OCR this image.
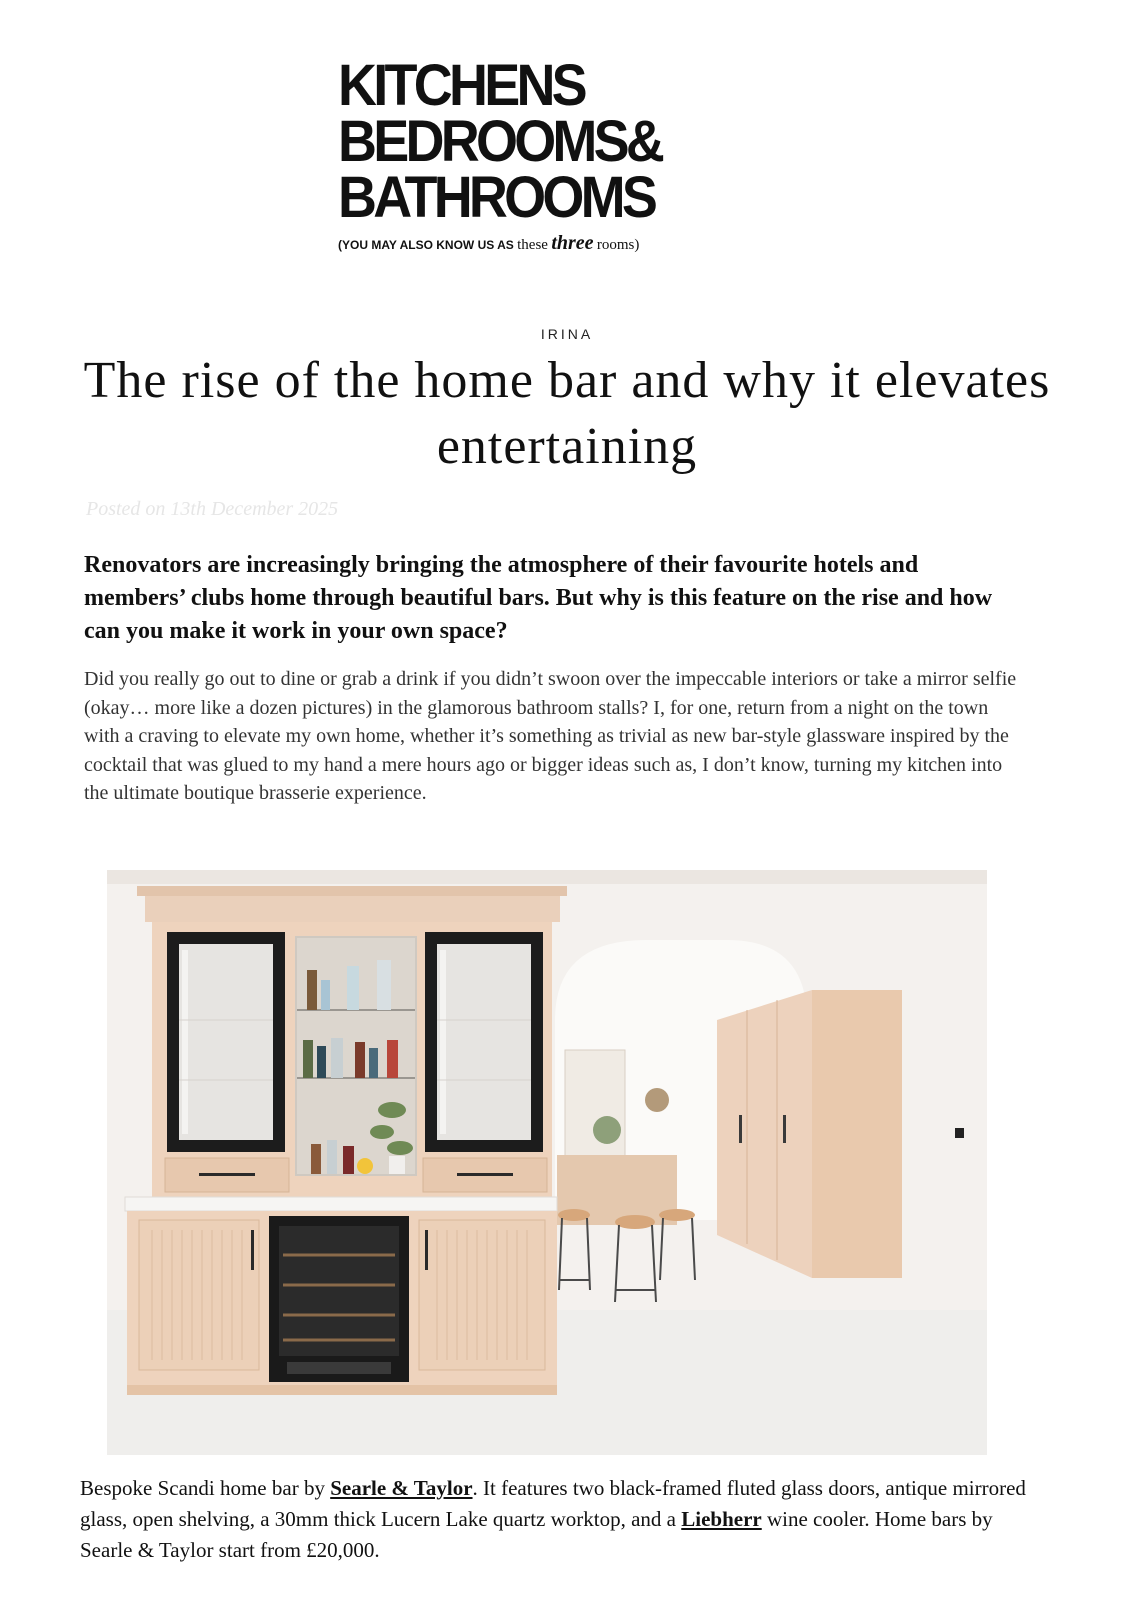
KITCHENS
BEDROOMS&
BATHROOMS
(YOU MAY ALSO KNOW US AS these three rooms)
IRINA
The rise of the home bar and why it elevates entertaining
Posted on 13th December 2025

Renovators are increasingly bringing the atmosphere of their favourite hotels and members’ clubs home through beautiful bars. But why is this feature on the rise and how can you make it work in your own space?

Did you really go out to dine or grab a drink if you didn’t swoon over the impeccable interiors or take a mirror selfie (okay… more like a dozen pictures) in the glamorous bathroom stalls? I, for one, return from a night on the town with a craving to elevate my own home, whether it’s something as trivial as new bar-style glassware inspired by the cocktail that was glued to my hand a mere hours ago or bigger ideas such as, I don’t know, turning my kitchen into the ultimate boutique brasserie experience.

Bespoke Scandi home bar by Searle & Taylor. It features two black-framed fluted glass doors, antique mirrored glass, open shelving, a 30mm thick Lucern Lake quartz worktop, and a Liebherr wine cooler. Home bars by Searle & Taylor start from £20,000.
